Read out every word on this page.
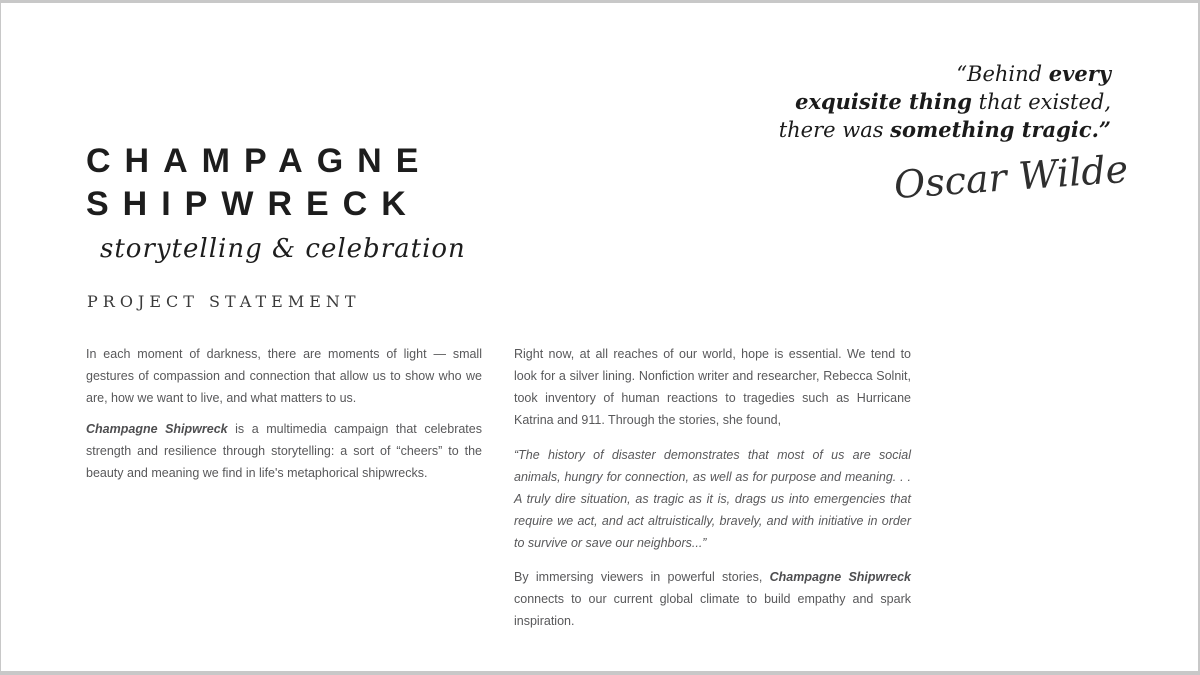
CHAMPAGNE
SHIPWRECK
storytelling & celebration
“Behind every
exquisite thing that existed,
there was something tragic.”
Oscar Wilde
PROJECT STATEMENT

In each moment of darkness, there are moments of light — small gestures of compassion and connection that allow us to show who we are, how we want to live, and what matters to us.

Champagne Shipwreck is a multimedia campaign that celebrates strength and resilience through storytelling: a sort of “cheers” to the beauty and meaning we find in life's metaphorical shipwrecks.

Right now, at all reaches of our world, hope is essential. We tend to look for a silver lining. Nonfiction writer and researcher, Rebecca Solnit, took inventory of human reactions to tragedies such as Hurricane Katrina and 911. Through the stories, she found,

“The history of disaster demonstrates that most of us are social animals, hungry for connection, as well as for purpose and meaning. . . A truly dire situation, as tragic as it is, drags us into emergencies that require we act, and act altruistically, bravely, and with initiative in order to survive or save our neighbors...”

By immersing viewers in powerful stories, Champagne Shipwreck connects to our current global climate to build empathy and spark inspiration.
